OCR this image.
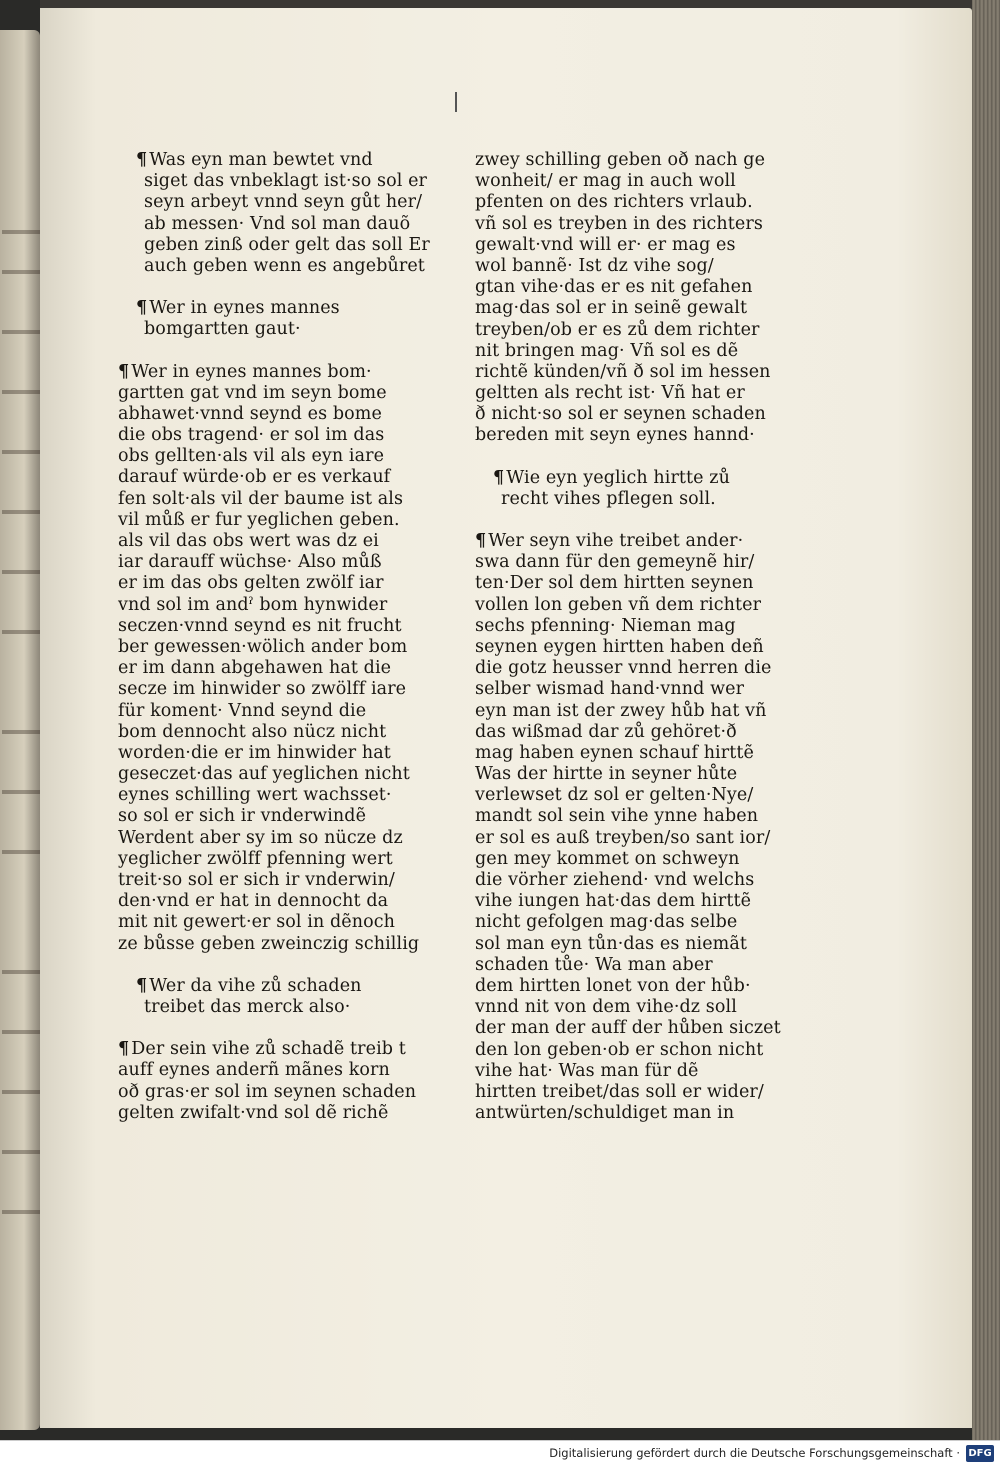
¶ Was eyn man bewtet vnd
siget das vnbeklagt ist·so sol er
seyn arbeyt vnnd seyn gůt her/
ab messen· Vnd sol man dauõ
geben zinß oder gelt das soll Er
auch geben wenn es angebůret
¶ Wer in eynes mannes
bomgartten gaut·
¶ Wer in eynes mannes bom·
gartten gat vnd im seyn bome
abhawet·vnnd seynd es bome
die obs tragend· er sol im das
obs gellten·als vil als eyn iare
darauf würde·ob er es verkauf
fen solt·als vil der baume ist als
vil můß er fur yeglichen geben.
als vil das obs wert was dz ei
iar darauff wüchse· Also můß
er im das obs gelten zwölf iar
vnd sol im andˀ bom hynwider
seczen·vnnd seynd es nit frucht
ber gewessen·wölich ander bom
er im dann abgehawen hat die
secze im hinwider so zwölff iare
für koment· Vnnd seynd die
bom dennocht also nücz nicht
worden·die er im hinwider hat
geseczet·das auf yeglichen nicht
eynes schilling wert wachsset·
so sol er sich ir vnderwindẽ
Werdent aber sy im so nücze dz
yeglicher zwölff pfenning wert
treit·so sol er sich ir vnderwin/
den·vnd er hat in dennocht da
mit nit gewert·er sol in dẽnoch
ze bůsse geben zweinczig schillig
¶ Wer da vihe zů schaden
treibet das merck also·
¶ Der sein vihe zů schadẽ treib t
auff eynes anderñ mãnes korn
oð gras·er sol im seynen schaden
gelten zwifalt·vnd sol dẽ richẽ
zwey schilling geben oð nach ge
wonheit/ er mag in auch woll
pfenten on des richters vrlaub.
vñ sol es treyben in des richters
gewalt·vnd will er· er mag es
wol bannẽ· Ist dz vihe sog/
gtan vihe·das er es nit gefahen
mag·das sol er in seinẽ gewalt
treyben/ob er es zů dem richter
nit bringen mag· Vñ sol es dẽ
richtẽ künden/vñ ð sol im hessen
geltten als recht ist· Vñ hat er
ð nicht·so sol er seynen schaden
bereden mit seyn eynes hannd·
¶ Wie eyn yeglich hirtte zů
recht vihes pflegen soll.
¶ Wer seyn vihe treibet ander·
swa dann für den gemeynẽ hir/
ten·Der sol dem hirtten seynen
vollen lon geben vñ dem richter
sechs pfenning· Nieman mag
seynen eygen hirtten haben deñ
die gotz heusser vnnd herren die
selber wismad hand·vnnd wer
eyn man ist der zwey hůb hat vñ
das wißmad dar zů gehöret·ð
mag haben eynen schauf hirttẽ
Was der hirtte in seyner hůte
verlewset dz sol er gelten·Nye/
mandt sol sein vihe ynne haben
er sol es auß treyben/so sant ior/
gen mey kommet on schweyn
die vörher ziehend· vnd welchs
vihe iungen hat·das dem hirttẽ
nicht gefolgen mag·das selbe
sol man eyn tůn·das es niemãt
schaden tůe· Wa man aber
dem hirtten lonet von der hůb·
vnnd nit von dem vihe·dz soll
der man der auff der hůben siczet
den lon geben·ob er schon nicht
vihe hat· Was man für dẽ
hirtten treibet/das soll er wider/
antwürten/schuldiget man in
Digitalisierung gefördert durch die Deutsche Forschungsgemeinschaft · DFG
